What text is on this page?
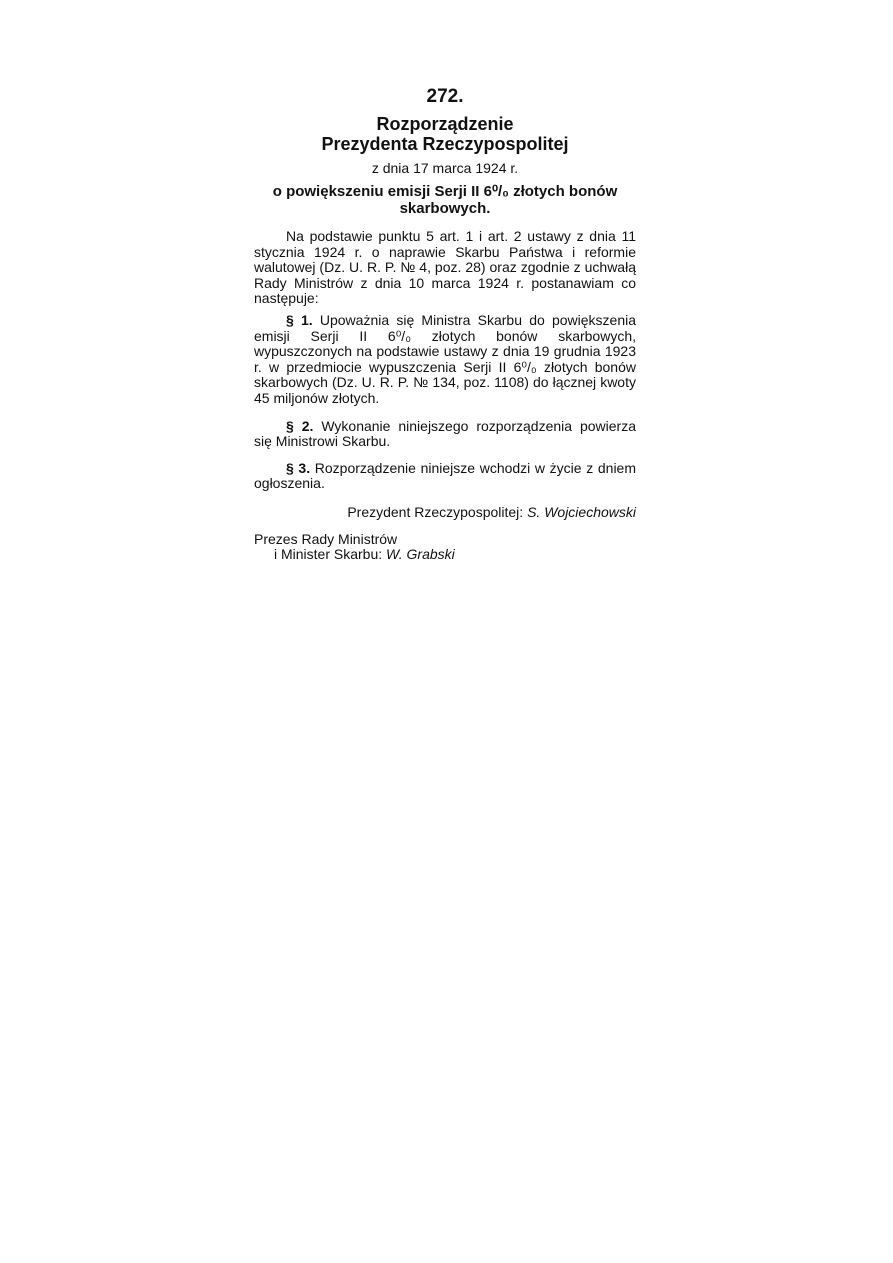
272.
Rozporządzenie
Prezydenta Rzeczypospolitej
z dnia 17 marca 1924 r.
o powiększeniu emisji Serji II 6⁰/₀ złotych bonów skarbowych.

Na podstawie punktu 5 art. 1 i art. 2 ustawy z dnia 11 stycznia 1924 r. o naprawie Skarbu Państwa i reformie walutowej (Dz. U. R. P. № 4, poz. 28) oraz zgodnie z uchwałą Rady Ministrów z dnia 10 marca 1924 r. postanawiam co następuje:

§ 1. Upoważnia się Ministra Skarbu do powiększenia emisji Serji II 6⁰/₀ złotych bonów skarbowych, wypuszczonych na podstawie ustawy z dnia 19 grudnia 1923 r. w przedmiocie wypuszczenia Serji II 6⁰/₀ złotych bonów skarbowych (Dz. U. R. P. № 134, poz. 1108) do łącznej kwoty 45 miljonów złotych.

§ 2. Wykonanie niniejszego rozporządzenia powierza się Ministrowi Skarbu.

§ 3. Rozporządzenie niniejsze wchodzi w życie z dniem ogłoszenia.

Prezydent Rzeczypospolitej: S. Wojciechowski
Prezes Rady Ministrów
i Minister Skarbu: W. Grabski
